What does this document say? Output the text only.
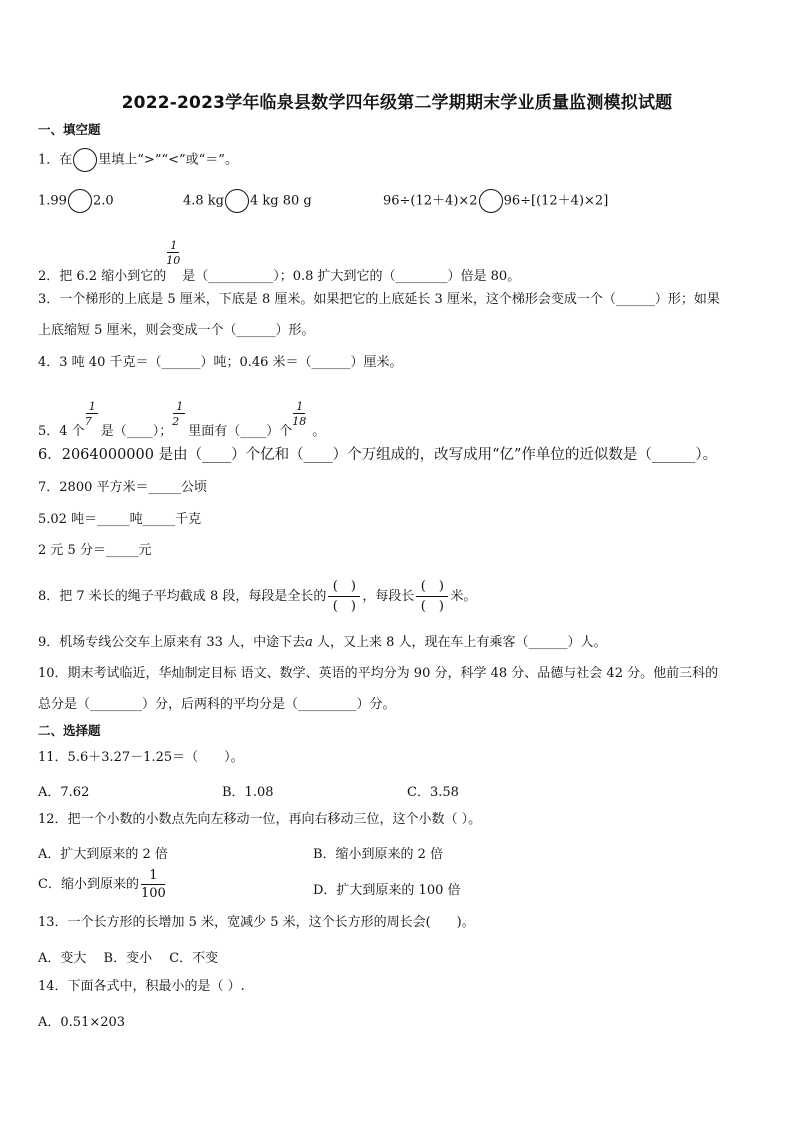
2022-2023学年临泉县数学四年级第二学期期末学业质量监测模拟试题
一、填空题
1．在 里填上“>”“<”或“＝”。
1.99 2.0	4.8 kg 4 kg 80 g	96÷(12＋4)×2 96÷[(12＋4)×2]
2．把 6.2 缩小到它的
$\frac{1}{10}$
是（__________）；0.8 扩大到它的（________）倍是 80。
3．一个梯形的上底是 5 厘米，下底是 8 厘米。如果把它的上底延长 3 厘米，这个梯形会变成一个（______）形；如果
上底缩短 5 厘米，则会变成一个（______）形。
4．3 吨 40 千克＝（______）吨；0.46 米＝（______）厘米。
5．4 个
1
7
是（____）；
1
2
里面有（____）个
$\frac{1}{18}$
。
6．2064000000 是由（____）个亿和（____）个万组成的，改写成用“亿”作单位的近似数是（______）。
7．2800 平方米＝_____公顷
5.02 吨＝_____吨_____千克
2 元 5 分＝_____元
8．把 7 米长的绳子平均截成 8 段，每段是全长的 $\frac{( )}{( )}$ ，每段长 $\frac{( )}{( )}$ 米。
9．机场专线公交车上原来有 33 人，中途下去a 人，又上来 8 人，现在车上有乘客（______）人。
10．期末考试临近，华灿制定目标 语文、数学、英语的平均分为 90 分，科学 48 分、品德与社会 42 分。他前三科的
总分是（________）分，后两科的平均分是（_________）分。
二、选择题
11．5.6＋3.27－1.25＝（　　）。
A．7.62	B．1.08	C．3.58
12．把一个小数的小数点先向左移动一位，再向右移动三位，这个小数（ ）。
A．扩大到原来的 2 倍	B．缩小到原来的 2 倍
C．缩小到原来的 $\frac{1}{100}$	D．扩大到原来的 100 倍
13．一个长方形的长增加 5 米，宽减少 5 米，这个长方形的周长会(　　)。
A．变大　 B．变小　 C．不变
14．下面各式中，积最小的是（ ）.
A．0.51×203
